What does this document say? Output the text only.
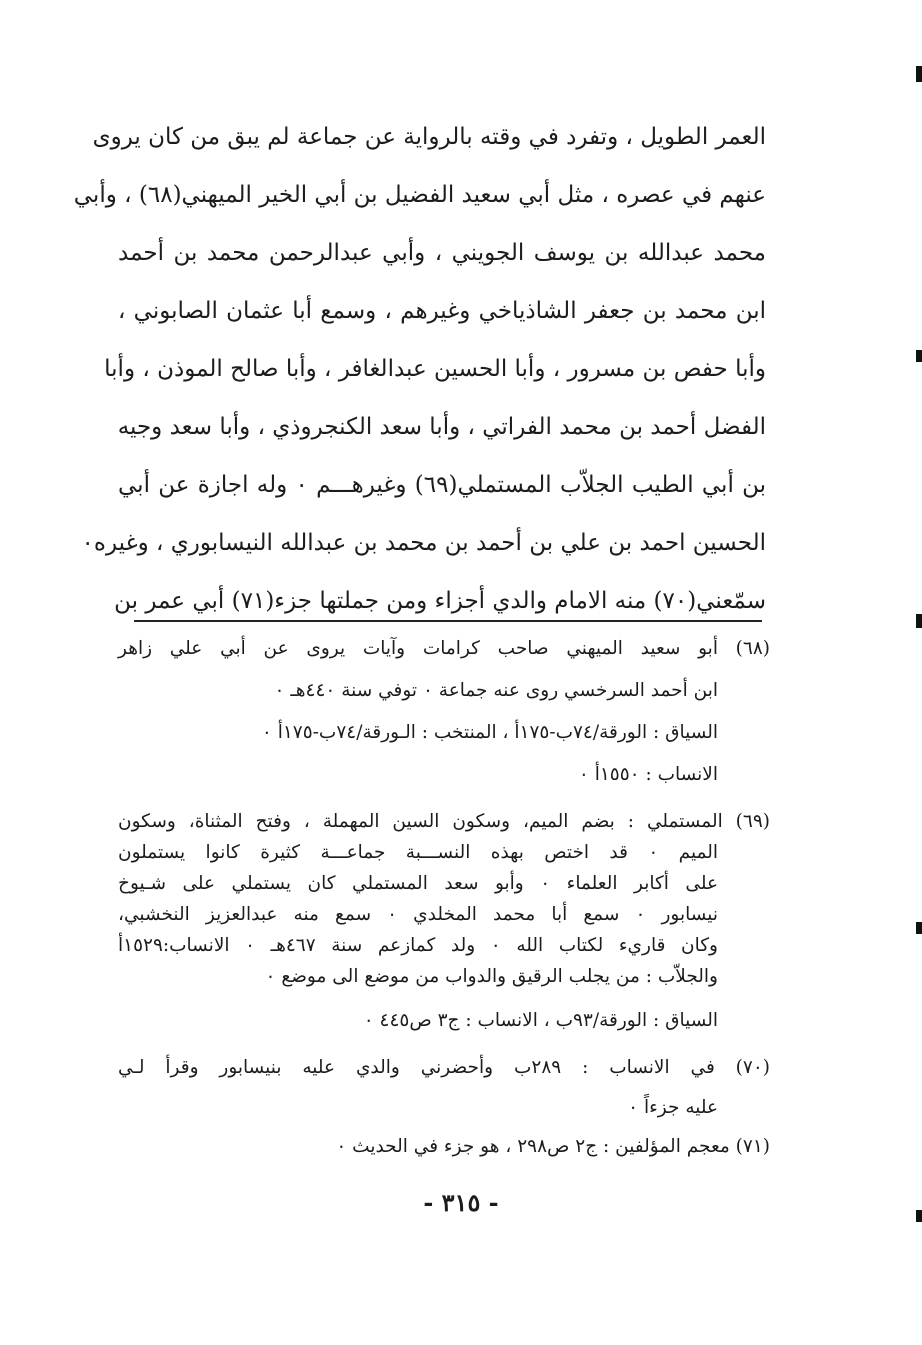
العمر الطويل ، وتفرد في وقته بالرواية عن جماعة لم يبق من كان يروى
عنهم في عصره ، مثل أبي سعيد الفضيل بن أبي الخير الميهني(٦٨) ، وأبي
محمد عبدالله بن يوسف الجويني ، وأبي عبدالرحمن محمد بن أحمد
ابن محمد بن جعفر الشاذياخي وغيرهم ، وسمع أبا عثمان الصابوني ،
وأبا حفص بن مسرور ، وأبا الحسين عبدالغافر ، وأبا صالح الموذن ، وأبا
الفضل أحمد بن محمد الفراتي ، وأبا سعد الكنجروذي ، وأبا سعد وجيه
بن أبي الطيب الجلاّب المستملي(٦٩) وغيرهـــم ٠ وله اجازة عن أبي
الحسين احمد بن علي بن أحمد بن محمد بن عبدالله النيسابوري ، وغيره٠
سمّعني(٧٠) منه الامام والدي أجزاء ومن جملتها جزء(٧١) أبي عمر بن
(٦٨) أبو سعيد الميهني صاحب كرامات وآيات يروى عن أبي علي زاهر
ابن أحمد السرخسي روى عنه جماعة ٠ توفي سنة ٤٤٠هـ ٠
السياق : الورقة/٧٤ب-١٧٥أ ، المنتخب : الـورقة/٧٤ب-١٧٥أ ٠
الانساب : ١٥٥٠أ ٠
(٦٩) المستملي : بضم الميم، وسكون السين المهملة ، وفتح المثناة، وسكون
الميم ٠ قد اختص بهذه النســـبة جماعـــة كثيرة كانوا يستملون
على أكابر العلماء ٠ وأبو سعد المستملي كان يستملي على شـيوخ
نيسابور ٠ سمع أبا محمد المخلدي ٠ سمع منه عبدالعزيز النخشبي،
وكان قاريء لكتاب الله ٠ ولد كمازعم سنة ٤٦٧هـ ٠ الانساب:١٥٢٩أ
والجلاّب : من يجلب الرقيق والدواب من موضع الى موضع ٠
السياق : الورقة/٩٣ب ، الانساب : ج٣ ص٤٤٥ ٠
(٧٠) في الانساب : ٢٨٩ب وأحضرني والدي عليه بنيسابور وقرأ لـي
عليه جزءاً ٠
(٧١) معجم المؤلفين : ج٢ ص٢٩٨ ، هو جزء في الحديث ٠
- ٣١٥ -
